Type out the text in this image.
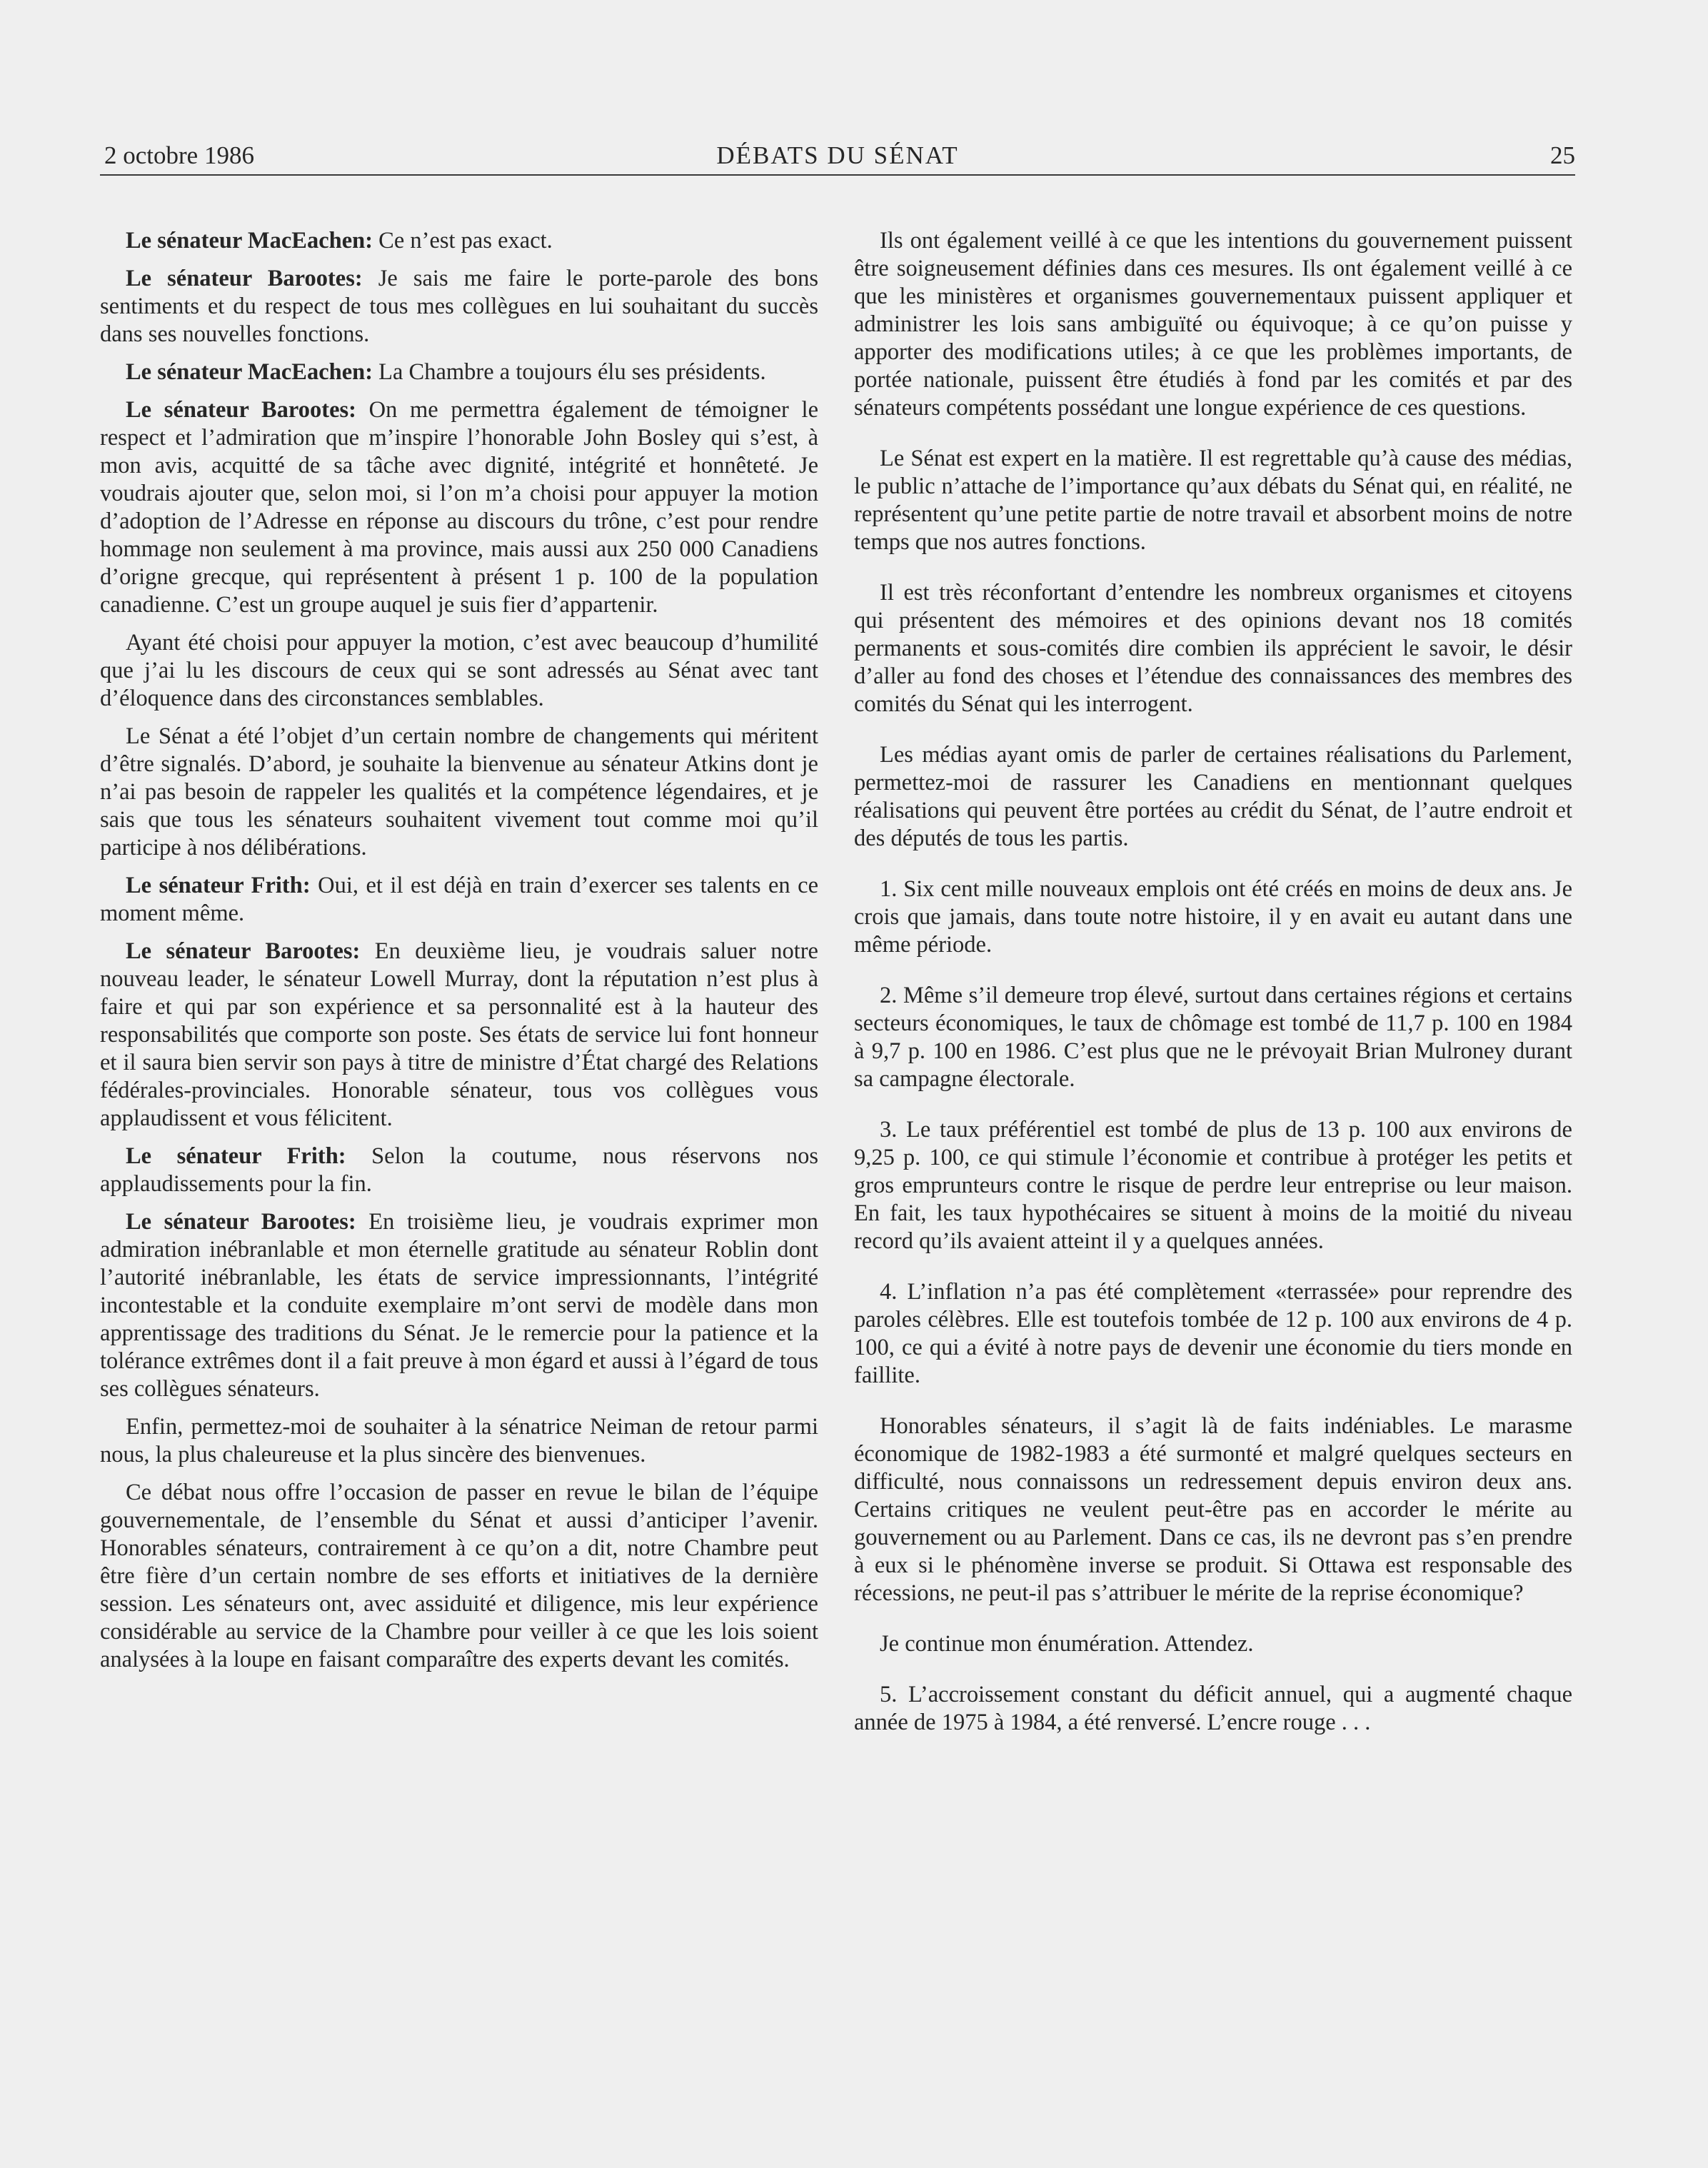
2 octobre 1986	DÉBATS DU SÉNAT	25

Le sénateur MacEachen: Ce n’est pas exact.

Le sénateur Barootes: Je sais me faire le porte-parole des bons sentiments et du respect de tous mes collègues en lui souhaitant du succès dans ses nouvelles fonctions.

Le sénateur MacEachen: La Chambre a toujours élu ses présidents.

Le sénateur Barootes: On me permettra également de témoigner le respect et l’admiration que m’inspire l’honorable John Bosley qui s’est, à mon avis, acquitté de sa tâche avec dignité, intégrité et honnêteté. Je voudrais ajouter que, selon moi, si l’on m’a choisi pour appuyer la motion d’adoption de l’Adresse en réponse au discours du trône, c’est pour rendre hommage non seulement à ma province, mais aussi aux 250 000 Canadiens d’origne grecque, qui représentent à présent 1 p. 100 de la population canadienne. C’est un groupe auquel je suis fier d’appartenir.

Ayant été choisi pour appuyer la motion, c’est avec beaucoup d’humilité que j’ai lu les discours de ceux qui se sont adressés au Sénat avec tant d’éloquence dans des circonstances semblables.

Le Sénat a été l’objet d’un certain nombre de changements qui méritent d’être signalés. D’abord, je souhaite la bienvenue au sénateur Atkins dont je n’ai pas besoin de rappeler les qualités et la compétence légendaires, et je sais que tous les sénateurs souhaitent vivement tout comme moi qu’il participe à nos délibérations.

Le sénateur Frith: Oui, et il est déjà en train d’exercer ses talents en ce moment même.

Le sénateur Barootes: En deuxième lieu, je voudrais saluer notre nouveau leader, le sénateur Lowell Murray, dont la réputation n’est plus à faire et qui par son expérience et sa personnalité est à la hauteur des responsabilités que comporte son poste. Ses états de service lui font honneur et il saura bien servir son pays à titre de ministre d’État chargé des Relations fédérales-provinciales. Honorable sénateur, tous vos collègues vous applaudissent et vous félicitent.

Le sénateur Frith: Selon la coutume, nous réservons nos applaudissements pour la fin.

Le sénateur Barootes: En troisième lieu, je voudrais exprimer mon admiration inébranlable et mon éternelle gratitude au sénateur Roblin dont l’autorité inébranlable, les états de service impressionnants, l’intégrité incontestable et la conduite exemplaire m’ont servi de modèle dans mon apprentissage des traditions du Sénat. Je le remercie pour la patience et la tolérance extrêmes dont il a fait preuve à mon égard et aussi à l’égard de tous ses collègues sénateurs.

Enfin, permettez-moi de souhaiter à la sénatrice Neiman de retour parmi nous, la plus chaleureuse et la plus sincère des bienvenues.

Ce débat nous offre l’occasion de passer en revue le bilan de l’équipe gouvernementale, de l’ensemble du Sénat et aussi d’anticiper l’avenir. Honorables sénateurs, contrairement à ce qu’on a dit, notre Chambre peut être fière d’un certain nombre de ses efforts et initiatives de la dernière session. Les sénateurs ont, avec assiduité et diligence, mis leur expérience considérable au service de la Chambre pour veiller à ce que les lois soient analysées à la loupe en faisant comparaître des experts devant les comités.

Ils ont également veillé à ce que les intentions du gouvernement puissent être soigneusement définies dans ces mesures. Ils ont également veillé à ce que les ministères et organismes gouvernementaux puissent appliquer et administrer les lois sans ambiguïté ou équivoque; à ce qu’on puisse y apporter des modifications utiles; à ce que les problèmes importants, de portée nationale, puissent être étudiés à fond par les comités et par des sénateurs compétents possédant une longue expérience de ces questions.

Le Sénat est expert en la matière. Il est regrettable qu’à cause des médias, le public n’attache de l’importance qu’aux débats du Sénat qui, en réalité, ne représentent qu’une petite partie de notre travail et absorbent moins de notre temps que nos autres fonctions.

Il est très réconfortant d’entendre les nombreux organismes et citoyens qui présentent des mémoires et des opinions devant nos 18 comités permanents et sous-comités dire combien ils apprécient le savoir, le désir d’aller au fond des choses et l’étendue des connaissances des membres des comités du Sénat qui les interrogent.

Les médias ayant omis de parler de certaines réalisations du Parlement, permettez-moi de rassurer les Canadiens en mentionnant quelques réalisations qui peuvent être portées au crédit du Sénat, de l’autre endroit et des députés de tous les partis.

1. Six cent mille nouveaux emplois ont été créés en moins de deux ans. Je crois que jamais, dans toute notre histoire, il y en avait eu autant dans une même période.

2. Même s’il demeure trop élevé, surtout dans certaines régions et certains secteurs économiques, le taux de chômage est tombé de 11,7 p. 100 en 1984 à 9,7 p. 100 en 1986. C’est plus que ne le prévoyait Brian Mulroney durant sa campagne électorale.

3. Le taux préférentiel est tombé de plus de 13 p. 100 aux environs de 9,25 p. 100, ce qui stimule l’économie et contribue à protéger les petits et gros emprunteurs contre le risque de perdre leur entreprise ou leur maison. En fait, les taux hypothécaires se situent à moins de la moitié du niveau record qu’ils avaient atteint il y a quelques années.

4. L’inflation n’a pas été complètement «terrassée» pour reprendre des paroles célèbres. Elle est toutefois tombée de 12 p. 100 aux environs de 4 p. 100, ce qui a évité à notre pays de devenir une économie du tiers monde en faillite.

Honorables sénateurs, il s’agit là de faits indéniables. Le marasme économique de 1982-1983 a été surmonté et malgré quelques secteurs en difficulté, nous connaissons un redressement depuis environ deux ans. Certains critiques ne veulent peut-être pas en accorder le mérite au gouvernement ou au Parlement. Dans ce cas, ils ne devront pas s’en prendre à eux si le phénomène inverse se produit. Si Ottawa est responsable des récessions, ne peut-il pas s’attribuer le mérite de la reprise économique?

Je continue mon énumération. Attendez.

5. L’accroissement constant du déficit annuel, qui a augmenté chaque année de 1975 à 1984, a été renversé. L’encre rouge . . .
